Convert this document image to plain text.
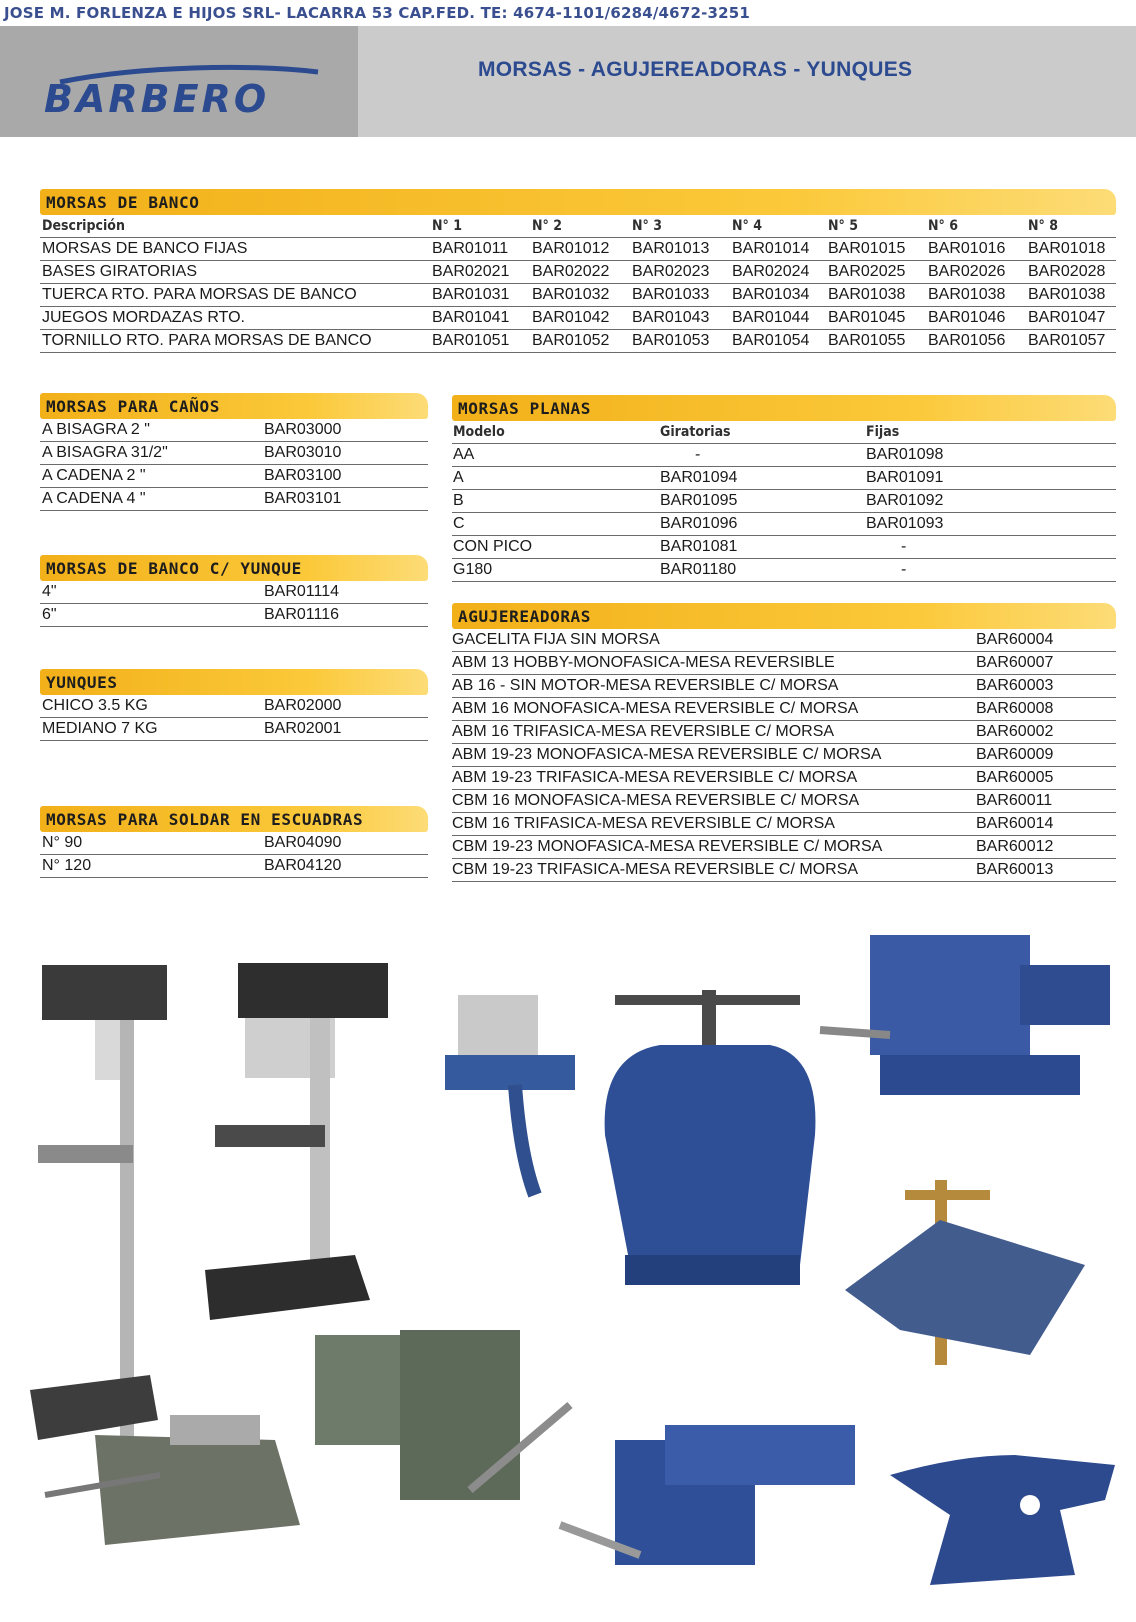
JOSE M. FORLENZA E HIJOS SRL- LACARRA 53 CAP.FED. TE: 4674-1101/6284/4672-3251
BARBERO
MORSAS - AGUJEREADORAS - YUNQUES
MORSAS DE BANCO
Descripción	N° 1	N° 2	N° 3	N° 4	N° 5	N° 6	N° 8
MORSAS DE BANCO FIJAS	BAR01011 BAR01012 BAR01013 BAR01014 BAR01015 BAR01016 BAR01018
BASES GIRATORIAS	BAR02021 BAR02022 BAR02023 BAR02024 BAR02025 BAR02026 BAR02028
TUERCA RTO. PARA MORSAS DE BANCO	BAR01031 BAR01032 BAR01033 BAR01034 BAR01038 BAR01038 BAR01038
JUEGOS MORDAZAS RTO.	BAR01041 BAR01042 BAR01043 BAR01044 BAR01045 BAR01046 BAR01047
TORNILLO RTO. PARA MORSAS DE BANCO	BAR01051 BAR01052 BAR01053 BAR01054 BAR01055 BAR01056 BAR01057
MORSAS PARA CAÑOS
A BISAGRA 2 "	BAR03000
A BISAGRA 31/2"	BAR03010
A CADENA 2 "	BAR03100
A CADENA 4 "	BAR03101
MORSAS DE BANCO C/ YUNQUE
4"	BAR01114
6"	BAR01116
YUNQUES
CHICO 3.5 KG	BAR02000
MEDIANO 7 KG	BAR02001
MORSAS PARA SOLDAR EN ESCUADRAS
N° 90	BAR04090
N° 120	BAR04120
MORSAS PLANAS
Modelo	Giratorias	Fijas
AA	-	BAR01098
A	BAR01094	BAR01091
B	BAR01095	BAR01092
C	BAR01096	BAR01093
CON PICO	BAR01081	-
G180	BAR01180	-
AGUJEREADORAS
GACELITA FIJA SIN MORSA	BAR60004
ABM 13 HOBBY-MONOFASICA-MESA REVERSIBLE	BAR60007
AB 16 - SIN MOTOR-MESA REVERSIBLE C/ MORSA	BAR60003
ABM 16 MONOFASICA-MESA REVERSIBLE C/ MORSA	BAR60008
ABM 16 TRIFASICA-MESA REVERSIBLE C/ MORSA	BAR60002
ABM 19-23 MONOFASICA-MESA REVERSIBLE C/ MORSA	BAR60009
ABM 19-23 TRIFASICA-MESA REVERSIBLE C/ MORSA	BAR60005
CBM 16 MONOFASICA-MESA REVERSIBLE C/ MORSA	BAR60011
CBM 16 TRIFASICA-MESA REVERSIBLE C/ MORSA	BAR60014
CBM 19-23 MONOFASICA-MESA REVERSIBLE C/ MORSA	BAR60012
CBM 19-23 TRIFASICA-MESA REVERSIBLE C/ MORSA	BAR60013
